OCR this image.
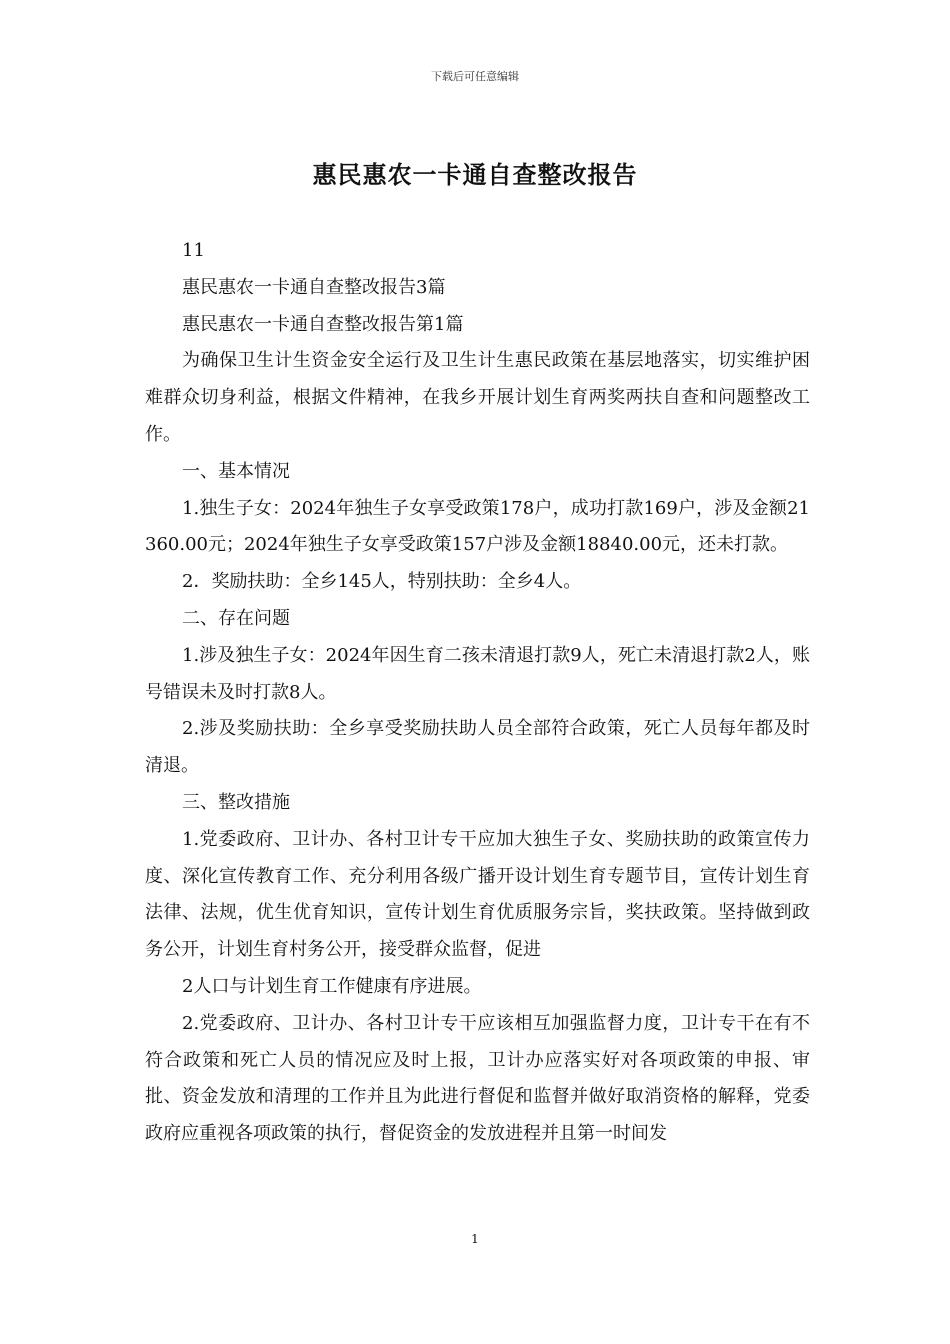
下载后可任意编辑
惠民惠农一卡通自查整改报告

11

惠民惠农一卡通自查整改报告3篇

惠民惠农一卡通自查整改报告第1篇

为确保卫生计生资金安全运行及卫生计生惠民政策在基层地落实，切实维护困难群众切身利益，根据文件精神，在我乡开展计划生育两奖两扶自查和问题整改工作。

一、基本情况

1.独生子女：2024年独生子女享受政策178户，成功打款169户，涉及金额21360.00元；2024年独生子女享受政策157户涉及金额18840.00元，还未打款。

2．奖励扶助：全乡145人，特别扶助：全乡4人。

二、存在问题

1.涉及独生子女：2024年因生育二孩未清退打款9人，死亡未清退打款2人，账号错误未及时打款8人。

2.涉及奖励扶助：全乡享受奖励扶助人员全部符合政策，死亡人员每年都及时清退。

三、整改措施

1.党委政府、卫计办、各村卫计专干应加大独生子女、奖励扶助的政策宣传力度、深化宣传教育工作、充分利用各级广播开设计划生育专题节目，宣传计划生育法律、法规，优生优育知识，宣传计划生育优质服务宗旨，奖扶政策。坚持做到政务公开，计划生育村务公开，接受群众监督，促进

2人口与计划生育工作健康有序进展。

2.党委政府、卫计办、各村卫计专干应该相互加强监督力度，卫计专干在有不符合政策和死亡人员的情况应及时上报，卫计办应落实好对各项政策的申报、审批、资金发放和清理的工作并且为此进行督促和监督并做好取消资格的解释，党委政府应重视各项政策的执行，督促资金的发放进程并且第一时间发

1
